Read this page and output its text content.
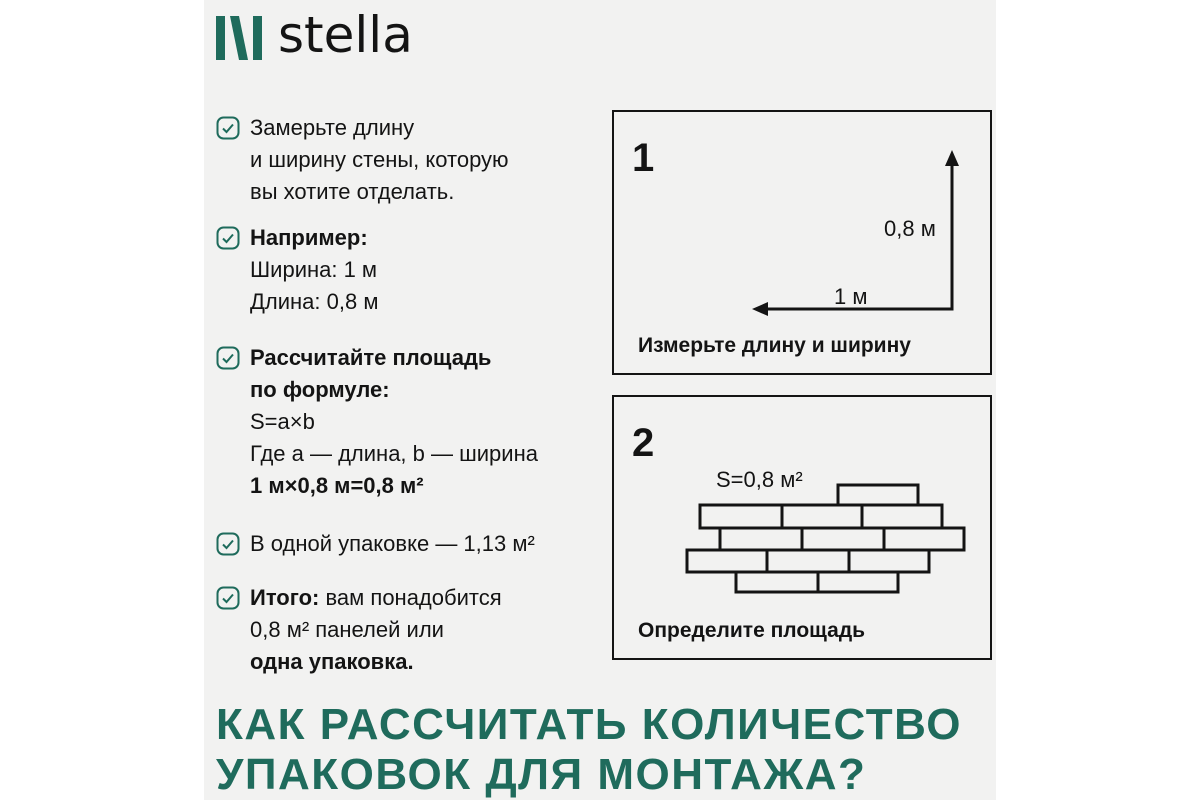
stella
Замерьте длину
и ширину стены, которую
вы хотите отделать.
Например:
Ширина: 1 м
Длина: 0,8 м
Рассчитайте площадь
по формуле:
S=a×b
Где а — длина, b — ширина
1 м×0,8 м=0,8 м²
В одной упаковке — 1,13 м²
Итого: вам понадобится
0,8 м² панелей или
одна упаковка.
1
0,8 м
1 м
Измерьте длину и ширину
2
S=0,8 м²
Определите площадь
КАК РАССЧИТАТЬ КОЛИЧЕСТВО
УПАКОВОК ДЛЯ МОНТАЖА?
